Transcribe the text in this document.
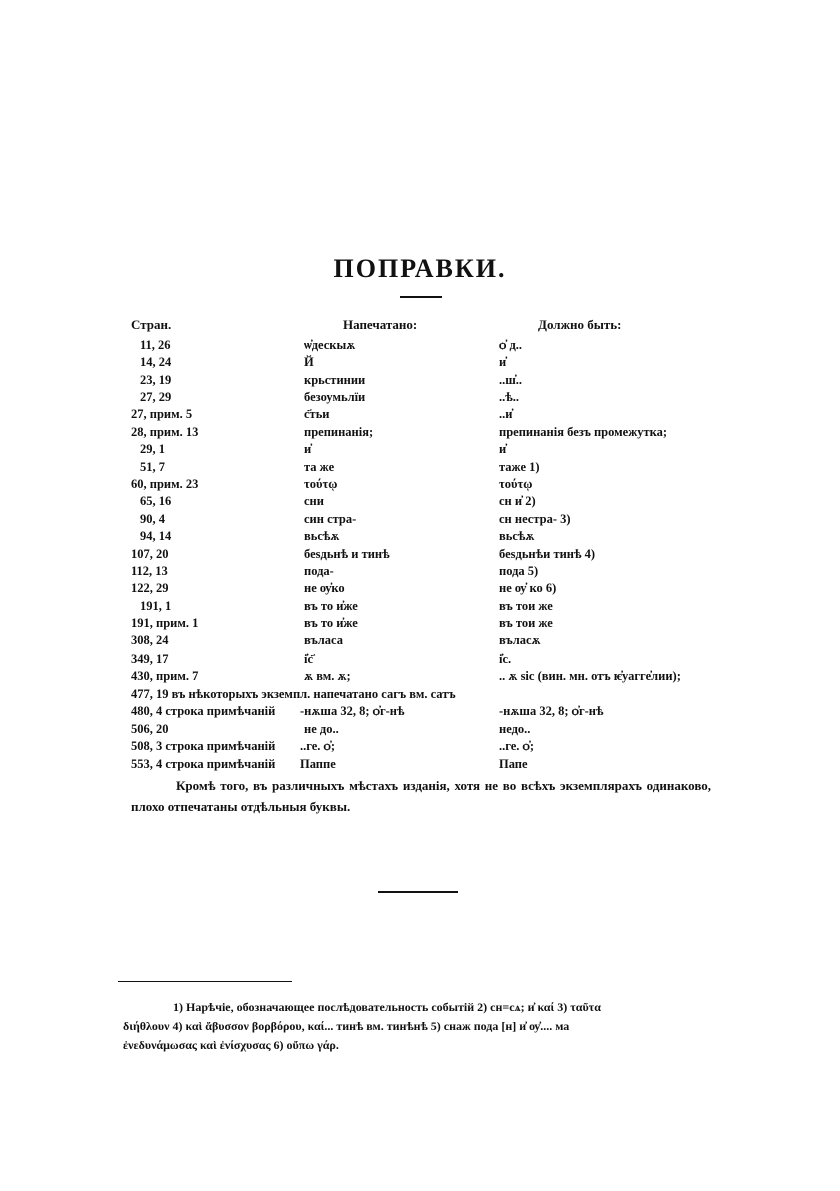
ПОПРАВКИ.
Стран.	Напечатано:	Должно быть:
11, 26	ѡ҆дескыѫ	ѻ҆ д..
14, 24	Й	и҆
23, 19	крьстинии	..ш҆..
27, 29	безоумьлїи	..ѣ..
27, прим. 5	с҃тьи	..и҆
28, прим. 13	препинанія;	препинанія безъ промежутка;
29, 1	и҆	и҆
51, 7	та же	таже 1)
60, прим. 23	τούτῳ	τούτῳ
65, 16	сни	сн и҆ 2)
90, 4	син стра-	сн нестра- 3)
94, 14	вьсѣѫ	вьсѣѫ
107, 20	беѕдьнѣ и тинѣ	беѕдьнѣи тинѣ 4)
112, 13	пода-	пода 5)
122, 29	не ѹ҆ко	не ѹ҆ ко 6)
191, 1	въ то и҆же	въ тои же
191, прим. 1	въ то и҆же	въ тои же
308, 24	въласа	въласѫ
349, 17	і҆с҃	і҆с.
430, прим. 7	ѫ вм. ѫ;	.. ѫ sic (вин. мн. отъ ѥ҆уагге҆лии);
477, 19 въ нѣкоторыхъ экземпл. напечатано сагъ вм. сатъ
480, 4 строка примѣчаній -нѫша 32, 8; ѻ҆г-нѣ	-нѫша 32, 8; ѻ҆г-нѣ
506, 20	не до..	недо..
508, 3 строка примѣчаній ..ге. ѻ҆;	..ге. ѻ҆;
553, 4 строка примѣчаній Паппе	Папе
Кромѣ того, въ различныхъ мѣстахъ изданія, хотя не во всѣхъ экземплярахъ одинаково, плохо отпечатаны отдѣльныя буквы.
1) Нарѣчіе, обозначающее послѣдовательность событій 2) сн=сѧ; и҆ καί 3) ταῦτα
διήθλουν 4) καὶ ἄβυσσον βορβόρου, καί... тинѣ вм. тинѣнѣ 5) снаж пода [н] и҆ ѹ҆.... ма
ἐνεδυνάμωσας καὶ ἐνίσχυσας 6) οὔπω γάρ.
